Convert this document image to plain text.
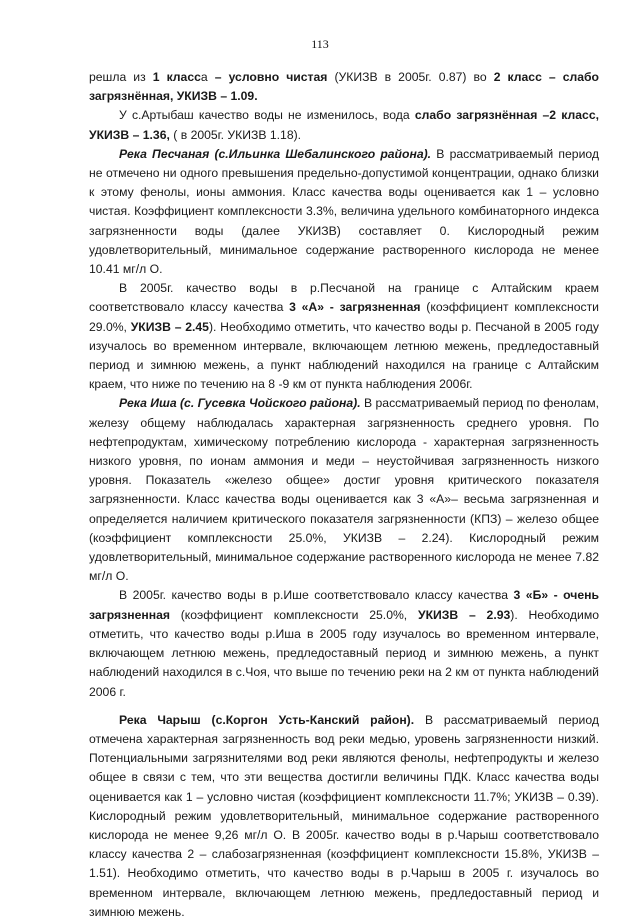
113

решла из 1 класса – условно чистая (УКИЗВ в 2005г. 0.87) во 2 класс – слабо загрязнённая, УКИЗВ – 1.09.

У с.Артыбаш качество воды не изменилось, вода слабо загрязнённая –2 класс, УКИЗВ – 1.36, ( в 2005г. УКИЗВ 1.18).

Река Песчаная (с.Ильинка Шебалинского района). В рассматриваемый период не отмечено ни одного превышения предельно-допустимой концентрации, однако близки к этому фенолы, ионы аммония. Класс качества воды оценивается как 1 – условно чистая. Коэффициент комплексности 3.3%, величина удельного комбинаторного индекса загрязненности воды (далее УКИЗВ) составляет 0. Кислородный режим удовлетворительный, минимальное содержание растворенного кислорода не менее 10.41 мг/л О.

В 2005г. качество воды в р.Песчаной на границе с Алтайским краем соответствовало классу качества 3 «А» - загрязненная (коэффициент комплексности 29.0%, УКИЗВ – 2.45). Необходимо отметить, что качество воды р. Песчаной в 2005 году изучалось во временном интервале, включающем летнюю межень, предледоставный период и зимнюю межень, а пункт наблюдений находился на границе с Алтайским краем, что ниже по течению на 8 -9 км от пункта наблюдения 2006г.

Река Иша (с. Гусевка Чойского района). В рассматриваемый период по фенолам, железу общему наблюдалась характерная загрязненность среднего уровня. По нефтепродуктам, химическому потреблению кислорода - характерная загрязненность низкого уровня, по ионам аммония и меди – неустойчивая загрязненность низкого уровня. Показатель «железо общее» достиг уровня критического показателя загрязненности. Класс качества воды оценивается как 3 «А»– весьма загрязненная и определяется наличием критического показателя загрязненности (КПЗ) – железо общее (коэффициент комплексности 25.0%, УКИЗВ – 2.24). Кислородный режим удовлетворительный, минимальное содержание растворенного кислорода не менее 7.82 мг/л О.

В 2005г. качество воды в р.Ише соответствовало классу качества 3 «Б» - очень загрязненная (коэффициент комплексности 25.0%, УКИЗВ – 2.93). Необходимо отметить, что качество воды р.Иша в 2005 году изучалось во временном интервале, включающем летнюю межень, предледоставный период и зимнюю межень, а пункт наблюдений находился в с.Чоя, что выше по течению реки на 2 км от пункта наблюдений 2006 г.

Река Чарыш (с.Коргон Усть-Канский район). В рассматриваемый период отмечена характерная загрязненность вод реки медью, уровень загрязненности низкий. Потенциальными загрязнителями вод реки являются фенолы, нефтепродукты и железо общее в связи с тем, что эти вещества достигли величины ПДК. Класс качества воды оценивается как 1 – условно чистая (коэффициент комплексности 11.7%; УКИЗВ – 0.39). Кислородный режим удовлетворительный, минимальное содержание растворенного кислорода не менее 9,26 мг/л О. В 2005г. качество воды в р.Чарыш соответствовало классу качества 2 – слабозагрязненная (коэффициент комплексности 15.8%, УКИЗВ – 1.51). Необходимо отметить, что качество воды в р.Чарыш в 2005 г. изучалось во временном интервале, включающем летнюю межень, предледоставный период и зимнюю межень.
